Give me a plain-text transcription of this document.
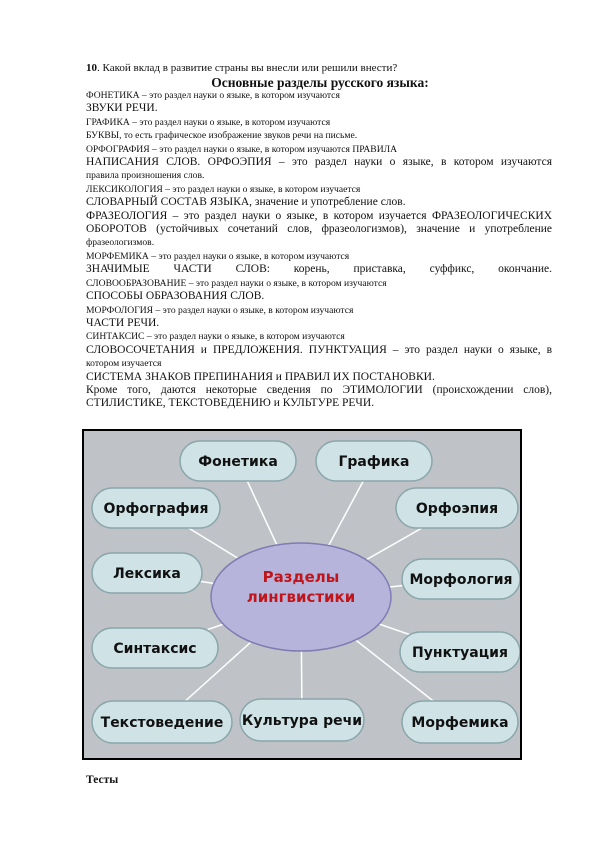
10. Какой вклад в развитие страны вы внесли или решили внести?
Основные разделы русского языка:

ФОНЕТИКА – это раздел науки о языке, в котором изучаются

ЗВУКИ РЕЧИ.

ГРАФИКА – это раздел науки о языке, в котором изучаются

БУКВЫ, то есть графическое изображение звуков речи на письме.

ОРФОГРАФИЯ – это раздел науки о языке, в котором изучаются ПРАВИЛА

НАПИСАНИЯ СЛОВ. ОРФОЭПИЯ – это раздел науки о языке, в котором изучаются

правила произношения слов.

ЛЕКСИКОЛОГИЯ – это раздел науки о языке, в котором изучается

СЛОВАРНЫЙ СОСТАВ ЯЗЫКА, значение и употребление слов.

ФРАЗЕОЛОГИЯ – это раздел науки о языке, в котором изучается ФРАЗЕОЛОГИЧЕСКИХ

ОБОРОТОВ (устойчивых сочетаний слов, фразеологизмов), значение и употребление

фразеологизмов.

МОРФЕМИКА – это раздел науки о языке, в котором изучаются

ЗНАЧИМЫЕ ЧАСТИ СЛОВ: корень, приставка, суффикс, окончание.

СЛОВООБРАЗОВАНИЕ – это раздел науки о языке, в котором изучаются

СПОСОБЫ ОБРАЗОВАНИЯ СЛОВ.

МОРФОЛОГИЯ – это раздел науки о языке, в котором изучаются

ЧАСТИ РЕЧИ.

СИНТАКСИС – это раздел науки о языке, в котором изучаются

СЛОВОСОЧЕТАНИЯ и ПРЕДЛОЖЕНИЯ. ПУНКТУАЦИЯ – это раздел науки о языке, в

котором изучается

СИСТЕМА ЗНАКОВ ПРЕПИНАНИЯ и ПРАВИЛ ИХ ПОСТАНОВКИ.

Кроме того, даются некоторые сведения по ЭТИМОЛОГИИ (происхождении слов),

СТИЛИСТИКЕ, ТЕКСТОВЕДЕНИЮ и КУЛЬТУРЕ РЕЧИ.

Разделы
лингвистики
Фонетика	Графика
Орфография	Орфоэпия
Лексика	Морфология
Синтаксис	Пунктуация
Текстоведение Культура речи	Морфемика
Тесты
